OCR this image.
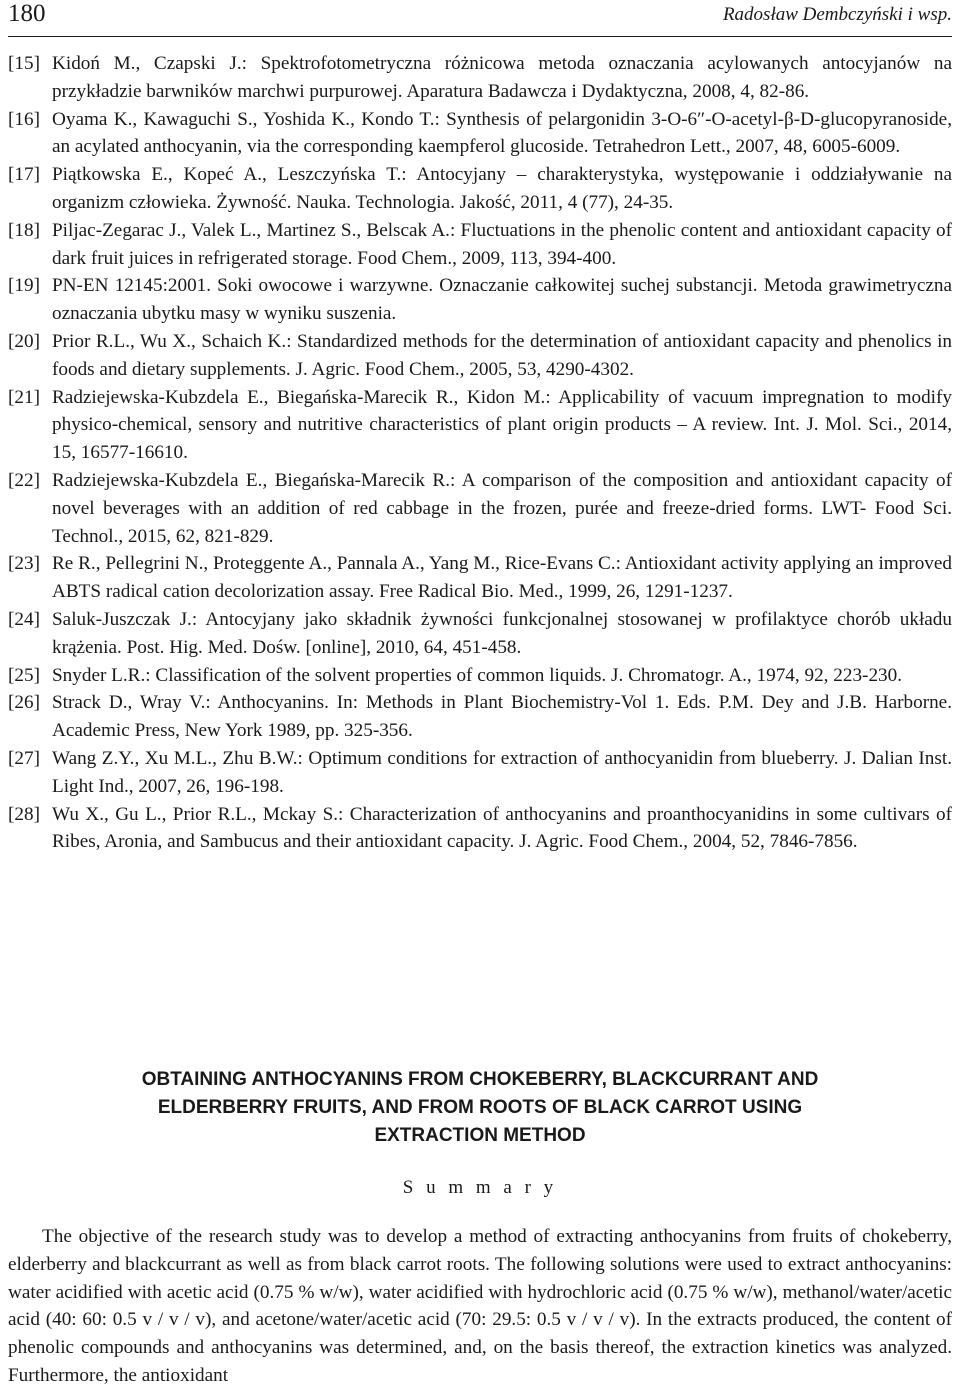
180	Radosław Dembczyński i wsp.
[15] Kidoń M., Czapski J.: Spektrofotometryczna różnicowa metoda oznaczania acylowanych antocyjanów na przykładzie barwników marchwi purpurowej. Aparatura Badawcza i Dydaktyczna, 2008, 4, 82-86.
[16] Oyama K., Kawaguchi S., Yoshida K., Kondo T.: Synthesis of pelargonidin 3-O-6″-O-acetyl-β-D-glucopyranoside, an acylated anthocyanin, via the corresponding kaempferol glucoside. Tetrahedron Lett., 2007, 48, 6005-6009.
[17] Piątkowska E., Kopeć A., Leszczyńska T.: Antocyjany – charakterystyka, występowanie i oddziaływanie na organizm człowieka. Żywność. Nauka. Technologia. Jakość, 2011, 4 (77), 24-35.
[18] Piljac-Zegarac J., Valek L., Martinez S., Belscak A.: Fluctuations in the phenolic content and antioxidant capacity of dark fruit juices in refrigerated storage. Food Chem., 2009, 113, 394-400.
[19] PN-EN 12145:2001. Soki owocowe i warzywne. Oznaczanie całkowitej suchej substancji. Metoda grawimetryczna oznaczania ubytku masy w wyniku suszenia.
[20] Prior R.L., Wu X., Schaich K.: Standardized methods for the determination of antioxidant capacity and phenolics in foods and dietary supplements. J. Agric. Food Chem., 2005, 53, 4290-4302.
[21] Radziejewska-Kubzdela E., Biegańska-Marecik R., Kidon M.: Applicability of vacuum impregnation to modify physico-chemical, sensory and nutritive characteristics of plant origin products – A review. Int. J. Mol. Sci., 2014, 15, 16577-16610.
[22] Radziejewska-Kubzdela E., Biegańska-Marecik R.: A comparison of the composition and antioxidant capacity of novel beverages with an addition of red cabbage in the frozen, purée and freeze-dried forms. LWT- Food Sci. Technol., 2015, 62, 821-829.
[23] Re R., Pellegrini N., Proteggente A., Pannala A., Yang M., Rice-Evans C.: Antioxidant activity applying an improved ABTS radical cation decolorization assay. Free Radical Bio. Med., 1999, 26, 1291-1237.
[24] Saluk-Juszczak J.: Antocyjany jako składnik żywności funkcjonalnej stosowanej w profilaktyce chorób układu krążenia. Post. Hig. Med. Dośw. [online], 2010, 64, 451-458.
[25] Snyder L.R.: Classification of the solvent properties of common liquids. J. Chromatogr. A., 1974, 92, 223-230.
[26] Strack D., Wray V.: Anthocyanins. In: Methods in Plant Biochemistry-Vol 1. Eds. P.M. Dey and J.B. Harborne. Academic Press, New York 1989, pp. 325-356.
[27] Wang Z.Y., Xu M.L., Zhu B.W.: Optimum conditions for extraction of anthocyanidin from blueberry. J. Dalian Inst. Light Ind., 2007, 26, 196-198.
[28] Wu X., Gu L., Prior R.L., Mckay S.: Characterization of anthocyanins and proanthocyanidins in some cultivars of Ribes, Aronia, and Sambucus and their antioxidant capacity. J. Agric. Food Chem., 2004, 52, 7846-7856.
OBTAINING ANTHOCYANINS FROM CHOKEBERRY, BLACKCURRANT AND
ELDERBERRY FRUITS, AND FROM ROOTS OF BLACK CARROT USING
EXTRACTION METHOD
S u m m a r y
The objective of the research study was to develop a method of extracting anthocyanins from fruits of chokeberry, elderberry and blackcurrant as well as from black carrot roots. The following solutions were used to extract anthocyanins: water acidified with acetic acid (0.75 % w/w), water acidified with hydrochloric acid (0.75 % w/w), methanol/water/acetic acid (40: 60: 0.5 v / v / v), and acetone/water/acetic acid (70: 29.5: 0.5 v / v / v). In the extracts produced, the content of phenolic compounds and anthocyanins was determined, and, on the basis thereof, the extraction kinetics was analyzed. Furthermore, the antioxidant
